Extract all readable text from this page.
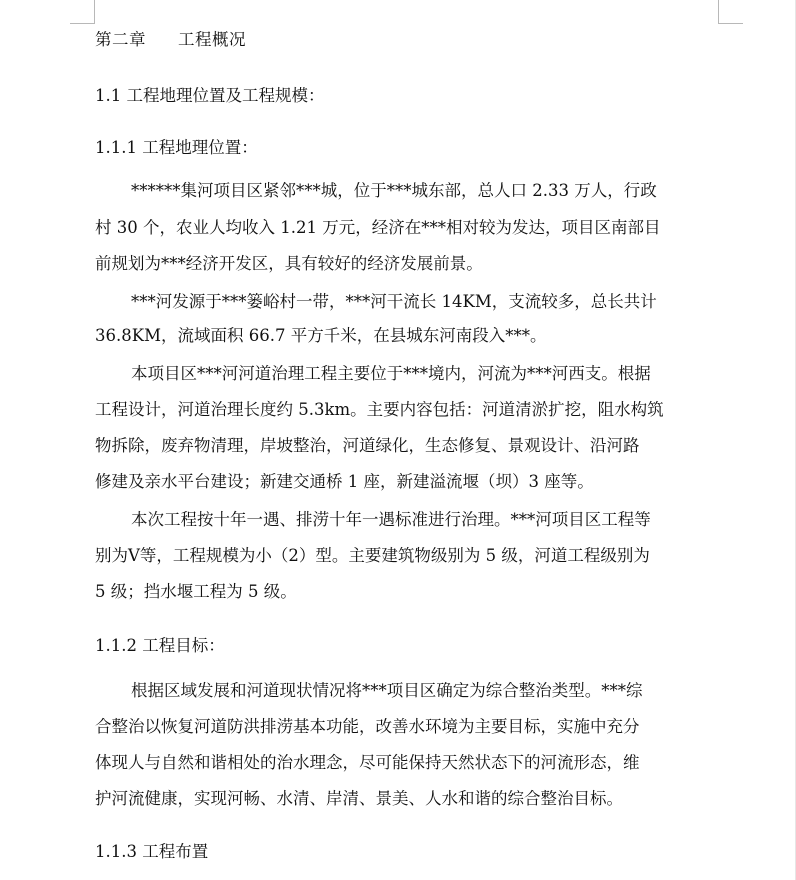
第二章 工程概况
1.1 工程地理位置及工程规模：
1.1.1 工程地理位置：
******集河项目区紧邻***城，位于***城东部，总人口 2.33 万人，行政
村 30 个，农业人均收入 1.21 万元，经济在***相对较为发达，项目区南部目
前规划为***经济开发区，具有较好的经济发展前景。
***河发源于***篓峪村一带，***河干流长 14KM，支流较多，总长共计
36.8KM，流域面积 66.7 平方千米，在县城东河南段入***。
本项目区***河河道治理工程主要位于***境内，河流为***河西支。根据
工程设计，河道治理长度约 5.3km。主要内容包括：河道清淤扩挖，阻水构筑
物拆除，废弃物清理，岸坡整治，河道绿化，生态修复、景观设计、沿河路
修建及亲水平台建设；新建交通桥 1 座，新建溢流堰（坝）3 座等。
本次工程按十年一遇、排涝十年一遇标准进行治理。***河项目区工程等
别为Ⅴ等，工程规模为小（2）型。主要建筑物级别为 5 级，河道工程级别为
5 级；挡水堰工程为 5 级。
1.1.2 工程目标：
根据区域发展和河道现状情况将***项目区确定为综合整治类型。***综
合整治以恢复河道防洪排涝基本功能，改善水环境为主要目标，实施中充分
体现人与自然和谐相处的治水理念，尽可能保持天然状态下的河流形态，维
护河流健康，实现河畅、水清、岸清、景美、人水和谐的综合整治目标。
1.1.3 工程布置
